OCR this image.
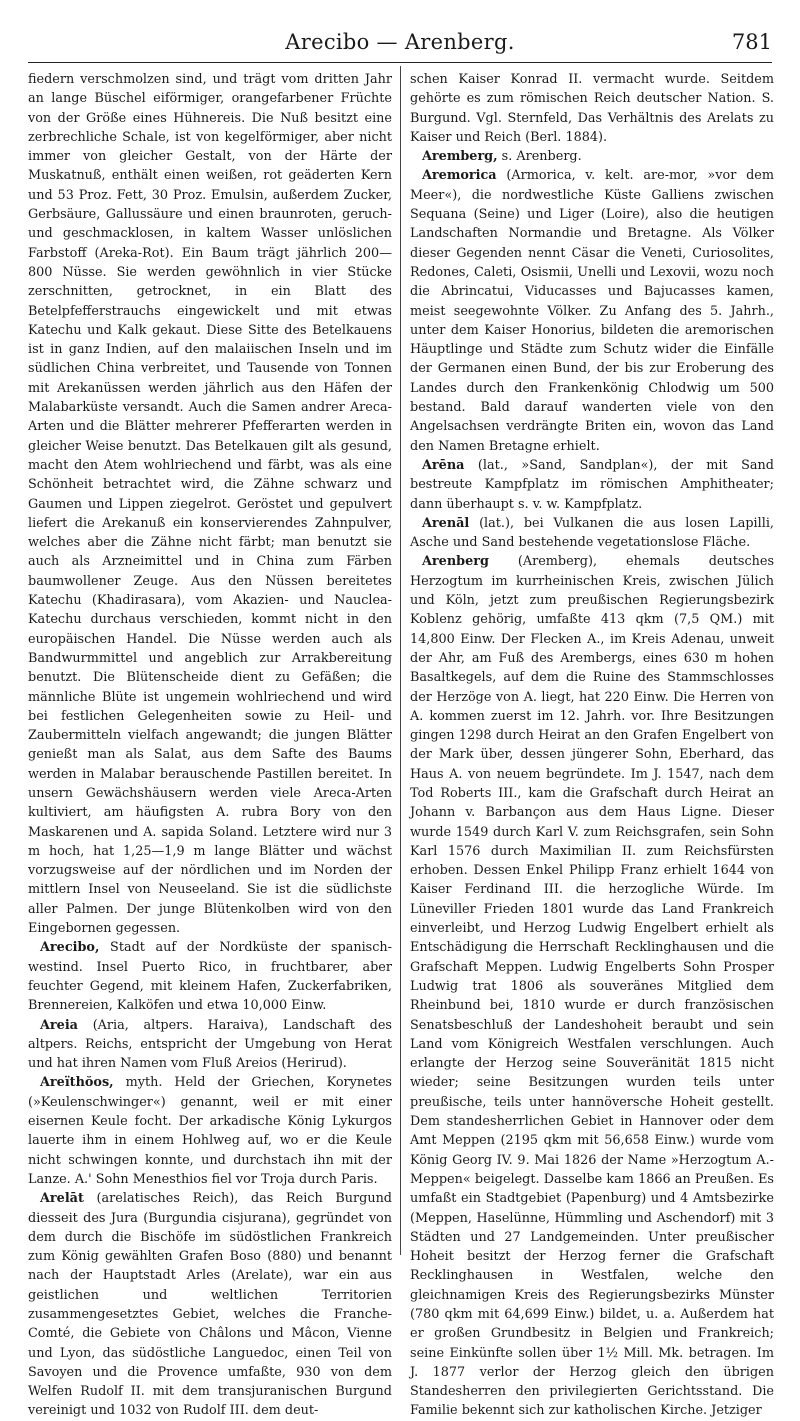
Arecibo — Arenberg.	781

fiedern verschmolzen sind, und trägt vom dritten Jahr an lange Büschel eiförmiger, orangefarbener Früchte von der Größe eines Hühnereis. Die Nuß besitzt eine zerbrechliche Schale, ist von kegelförmiger, aber nicht immer von gleicher Gestalt, von der Härte der Muskatnuß, enthält einen weißen, rot geäderten Kern und 53 Proz. Fett, 30 Proz. Emulsin, außerdem Zucker, Gerbsäure, Gallussäure und einen braunroten, geruch- und geschmacklosen, in kaltem Wasser unlöslichen Farbstoff (Areka-Rot). Ein Baum trägt jährlich 200—800 Nüsse. Sie werden gewöhnlich in vier Stücke zerschnitten, getrocknet, in ein Blatt des Betelpfefferstrauchs eingewickelt und mit etwas Katechu und Kalk gekaut. Diese Sitte des Betelkauens ist in ganz Indien, auf den malaiischen Inseln und im südlichen China verbreitet, und Tausende von Tonnen mit Arekanüssen werden jährlich aus den Häfen der Malabarküste versandt. Auch die Samen andrer Areca-Arten und die Blätter mehrerer Pfefferarten werden in gleicher Weise benutzt. Das Betelkauen gilt als gesund, macht den Atem wohlriechend und färbt, was als eine Schönheit betrachtet wird, die Zähne schwarz und Gaumen und Lippen ziegelrot. Geröstet und gepulvert liefert die Arekanuß ein konservierendes Zahnpulver, welches aber die Zähne nicht färbt; man benutzt sie auch als Arzneimittel und in China zum Färben baumwollener Zeuge. Aus den Nüssen bereitetes Katechu (Khadirasara), vom Akazien- und Nauclea-Katechu durchaus verschieden, kommt nicht in den europäischen Handel. Die Nüsse werden auch als Bandwurmmittel und angeblich zur Arrakbereitung benutzt. Die Blütenscheide dient zu Gefäßen; die männliche Blüte ist ungemein wohlriechend und wird bei festlichen Gelegenheiten sowie zu Heil- und Zaubermitteln vielfach angewandt; die jungen Blätter genießt man als Salat, aus dem Safte des Baums werden in Malabar berauschende Pastillen bereitet. In unsern Gewächshäusern werden viele Areca-Arten kultiviert, am häufigsten A. rubra Bory von den Maskarenen und A. sapida Soland. Letztere wird nur 3 m hoch, hat 1,25—1,9 m lange Blätter und wächst vorzugsweise auf der nördlichen und im Norden der mittlern Insel von Neuseeland. Sie ist die südlichste aller Palmen. Der junge Blütenkolben wird von den Eingebornen gegessen.

Arecibo, Stadt auf der Nordküste der spanisch-westind. Insel Puerto Rico, in fruchtbarer, aber feuchter Gegend, mit kleinem Hafen, Zuckerfabriken, Brennereien, Kalköfen und etwa 10,000 Einw.

Areia (Aria, altpers. Haraiva), Landschaft des altpers. Reichs, entspricht der Umgebung von Herat und hat ihren Namen vom Fluß Areios (Herirud).

Areïthŏos, myth. Held der Griechen, Korynetes (»Keulenschwinger«) genannt, weil er mit einer eisernen Keule focht. Der arkadische König Lykurgos lauerte ihm in einem Hohlweg auf, wo er die Keule nicht schwingen konnte, und durchstach ihn mit der Lanze. A.' Sohn Menesthios fiel vor Troja durch Paris.

Arelāt (arelatisches Reich), das Reich Burgund diesseit des Jura (Burgundia cisjurana), gegründet von dem durch die Bischöfe im südöstlichen Frankreich zum König gewählten Grafen Boso (880) und benannt nach der Hauptstadt Arles (Arelate), war ein aus geistlichen und weltlichen Territorien zusammengesetztes Gebiet, welches die Franche-Comté, die Gebiete von Châlons und Mâcon, Vienne und Lyon, das südöstliche Languedoc, einen Teil von Savoyen und die Provence umfaßte, 930 von dem Welfen Rudolf II. mit dem transjuranischen Burgund vereinigt und 1032 von Rudolf III. dem deut-

schen Kaiser Konrad II. vermacht wurde. Seitdem gehörte es zum römischen Reich deutscher Nation. S. Burgund. Vgl. Sternfeld, Das Verhältnis des Arelats zu Kaiser und Reich (Berl. 1884).

Aremberg, s. Arenberg.

Aremorica (Armorica, v. kelt. are-mor, »vor dem Meer«), die nordwestliche Küste Galliens zwischen Sequana (Seine) und Liger (Loire), also die heutigen Landschaften Normandie und Bretagne. Als Völker dieser Gegenden nennt Cäsar die Veneti, Curiosolites, Redones, Caleti, Osismii, Unelli und Lexovii, wozu noch die Abrincatui, Viducasses und Bajucasses kamen, meist seegewohnte Völker. Zu Anfang des 5. Jahrh., unter dem Kaiser Honorius, bildeten die aremorischen Häuptlinge und Städte zum Schutz wider die Einfälle der Germanen einen Bund, der bis zur Eroberung des Landes durch den Frankenkönig Chlodwig um 500 bestand. Bald darauf wanderten viele von den Angelsachsen verdrängte Briten ein, wovon das Land den Namen Bretagne erhielt.

Arēna (lat., »Sand, Sandplan«), der mit Sand bestreute Kampfplatz im römischen Amphitheater; dann überhaupt s. v. w. Kampfplatz.

Arenāl (lat.), bei Vulkanen die aus losen Lapilli, Asche und Sand bestehende vegetationslose Fläche.

Arenberg (Aremberg), ehemals deutsches Herzogtum im kurrheinischen Kreis, zwischen Jülich und Köln, jetzt zum preußischen Regierungsbezirk Koblenz gehörig, umfaßte 413 qkm (7,5 QM.) mit 14,800 Einw. Der Flecken A., im Kreis Adenau, unweit der Ahr, am Fuß des Arembergs, eines 630 m hohen Basaltkegels, auf dem die Ruine des Stammschlosses der Herzöge von A. liegt, hat 220 Einw. Die Herren von A. kommen zuerst im 12. Jahrh. vor. Ihre Besitzungen gingen 1298 durch Heirat an den Grafen Engelbert von der Mark über, dessen jüngerer Sohn, Eberhard, das Haus A. von neuem begründete. Im J. 1547, nach dem Tod Roberts III., kam die Grafschaft durch Heirat an Johann v. Barbançon aus dem Haus Ligne. Dieser wurde 1549 durch Karl V. zum Reichsgrafen, sein Sohn Karl 1576 durch Maximilian II. zum Reichsfürsten erhoben. Dessen Enkel Philipp Franz erhielt 1644 von Kaiser Ferdinand III. die herzogliche Würde. Im Lüneviller Frieden 1801 wurde das Land Frankreich einverleibt, und Herzog Ludwig Engelbert erhielt als Entschädigung die Herrschaft Recklinghausen und die Grafschaft Meppen. Ludwig Engelberts Sohn Prosper Ludwig trat 1806 als souveränes Mitglied dem Rheinbund bei, 1810 wurde er durch französischen Senatsbeschluß der Landeshoheit beraubt und sein Land vom Königreich Westfalen verschlungen. Auch erlangte der Herzog seine Souveränität 1815 nicht wieder; seine Besitzungen wurden teils unter preußische, teils unter hannöversche Hoheit gestellt. Dem standesherrlichen Gebiet in Hannover oder dem Amt Meppen (2195 qkm mit 56,658 Einw.) wurde vom König Georg IV. 9. Mai 1826 der Name »Herzogtum A.-Meppen« beigelegt. Dasselbe kam 1866 an Preußen. Es umfaßt ein Stadtgebiet (Papenburg) und 4 Amtsbezirke (Meppen, Haselünne, Hümmling und Aschendorf) mit 3 Städten und 27 Landgemeinden. Unter preußischer Hoheit besitzt der Herzog ferner die Grafschaft Recklinghausen in Westfalen, welche den gleichnamigen Kreis des Regierungsbezirks Münster (780 qkm mit 64,699 Einw.) bildet, u. a. Außerdem hat er großen Grundbesitz in Belgien und Frankreich; seine Einkünfte sollen über 1½ Mill. Mk. betragen. Im J. 1877 verlor der Herzog gleich den übrigen Standesherren den privilegierten Gerichtsstand. Die Familie bekennt sich zur katholischen Kirche. Jetziger
